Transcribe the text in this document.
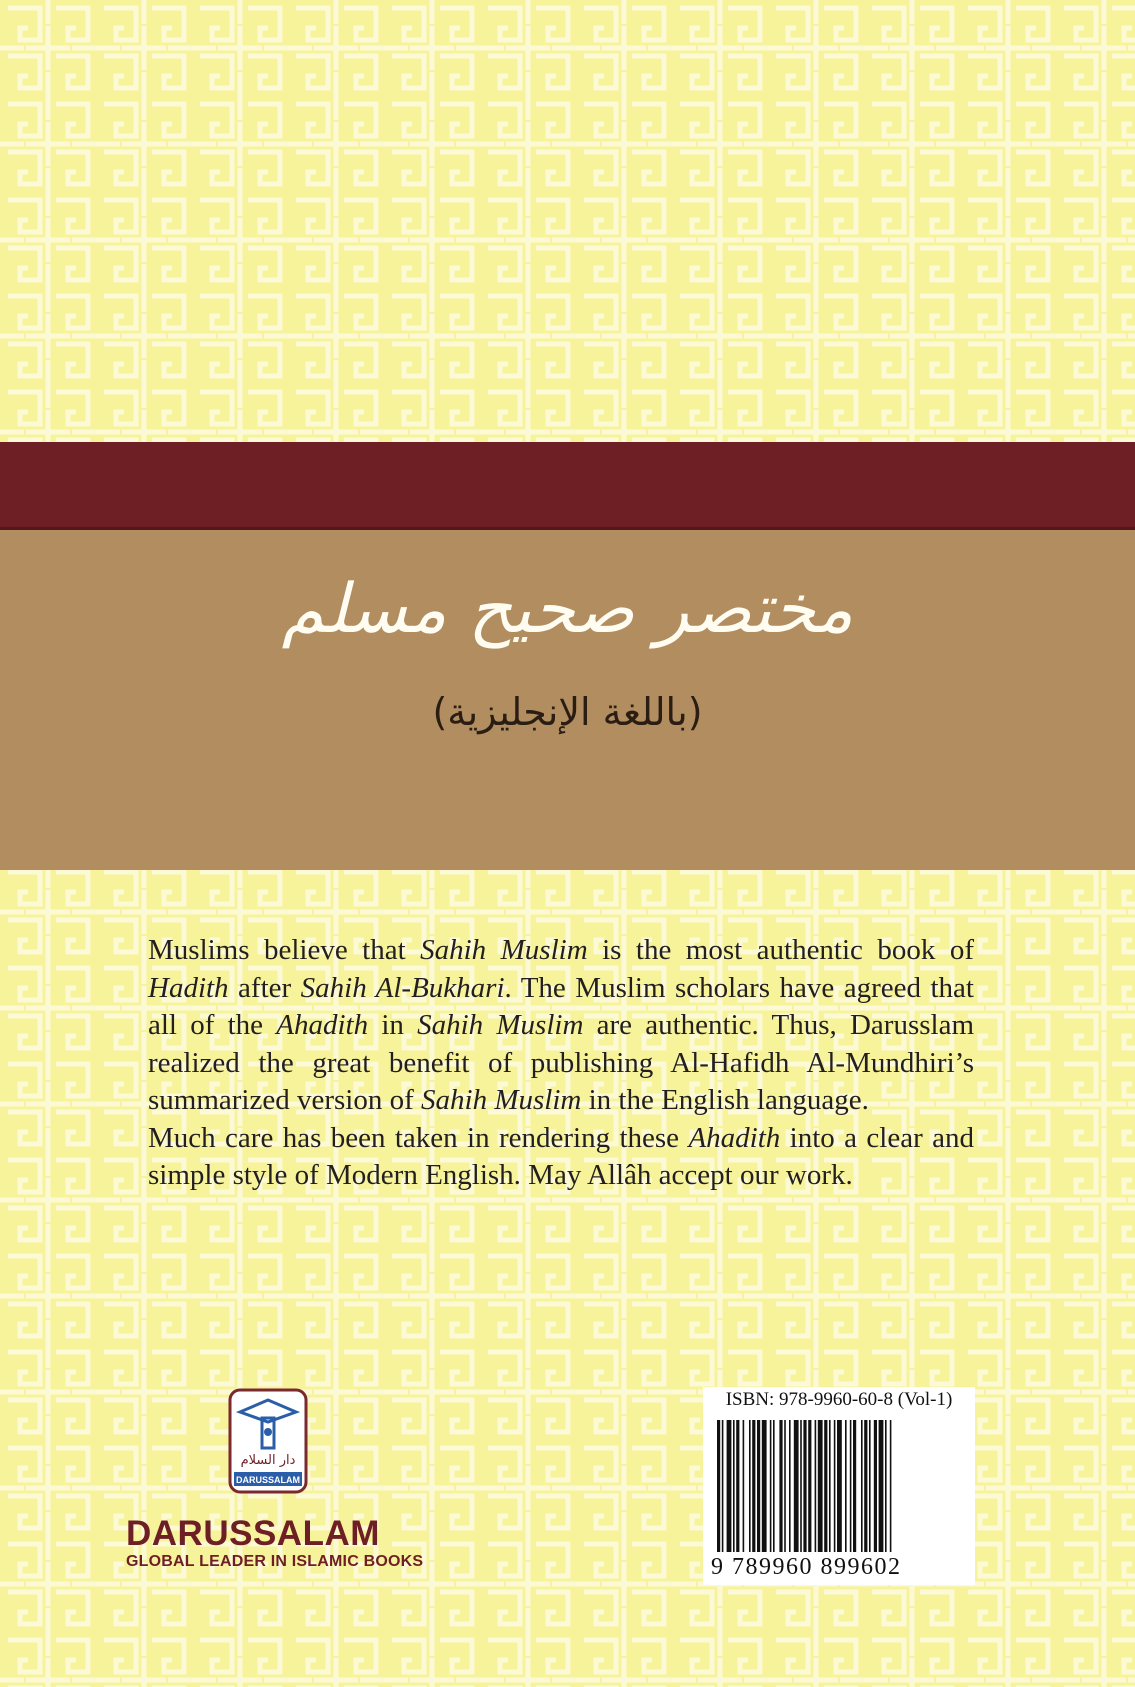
مختصر صحيح مسلم
(باللغة الإنجليزية)

Muslims believe that Sahih Muslim is the most authentic book of Hadith after Sahih Al-Bukhari. The Muslim scholars have agreed that all of the Ahadith in Sahih Muslim are authentic. Thus, Darusslam realized the great benefit of publishing Al-Hafidh Al-Mundhiri’s summarized version of Sahih Muslim in the English language.

Much care has been taken in rendering these Ahadith into a clear and simple style of Modern English. May Allâh accept our work.

دار السلام
DARUSSALAM
DARUSSALAM
GLOBAL LEADER IN ISLAMIC BOOKS
ISBN: 978-9960-60-8 (Vol-1)
9 789960 899602
